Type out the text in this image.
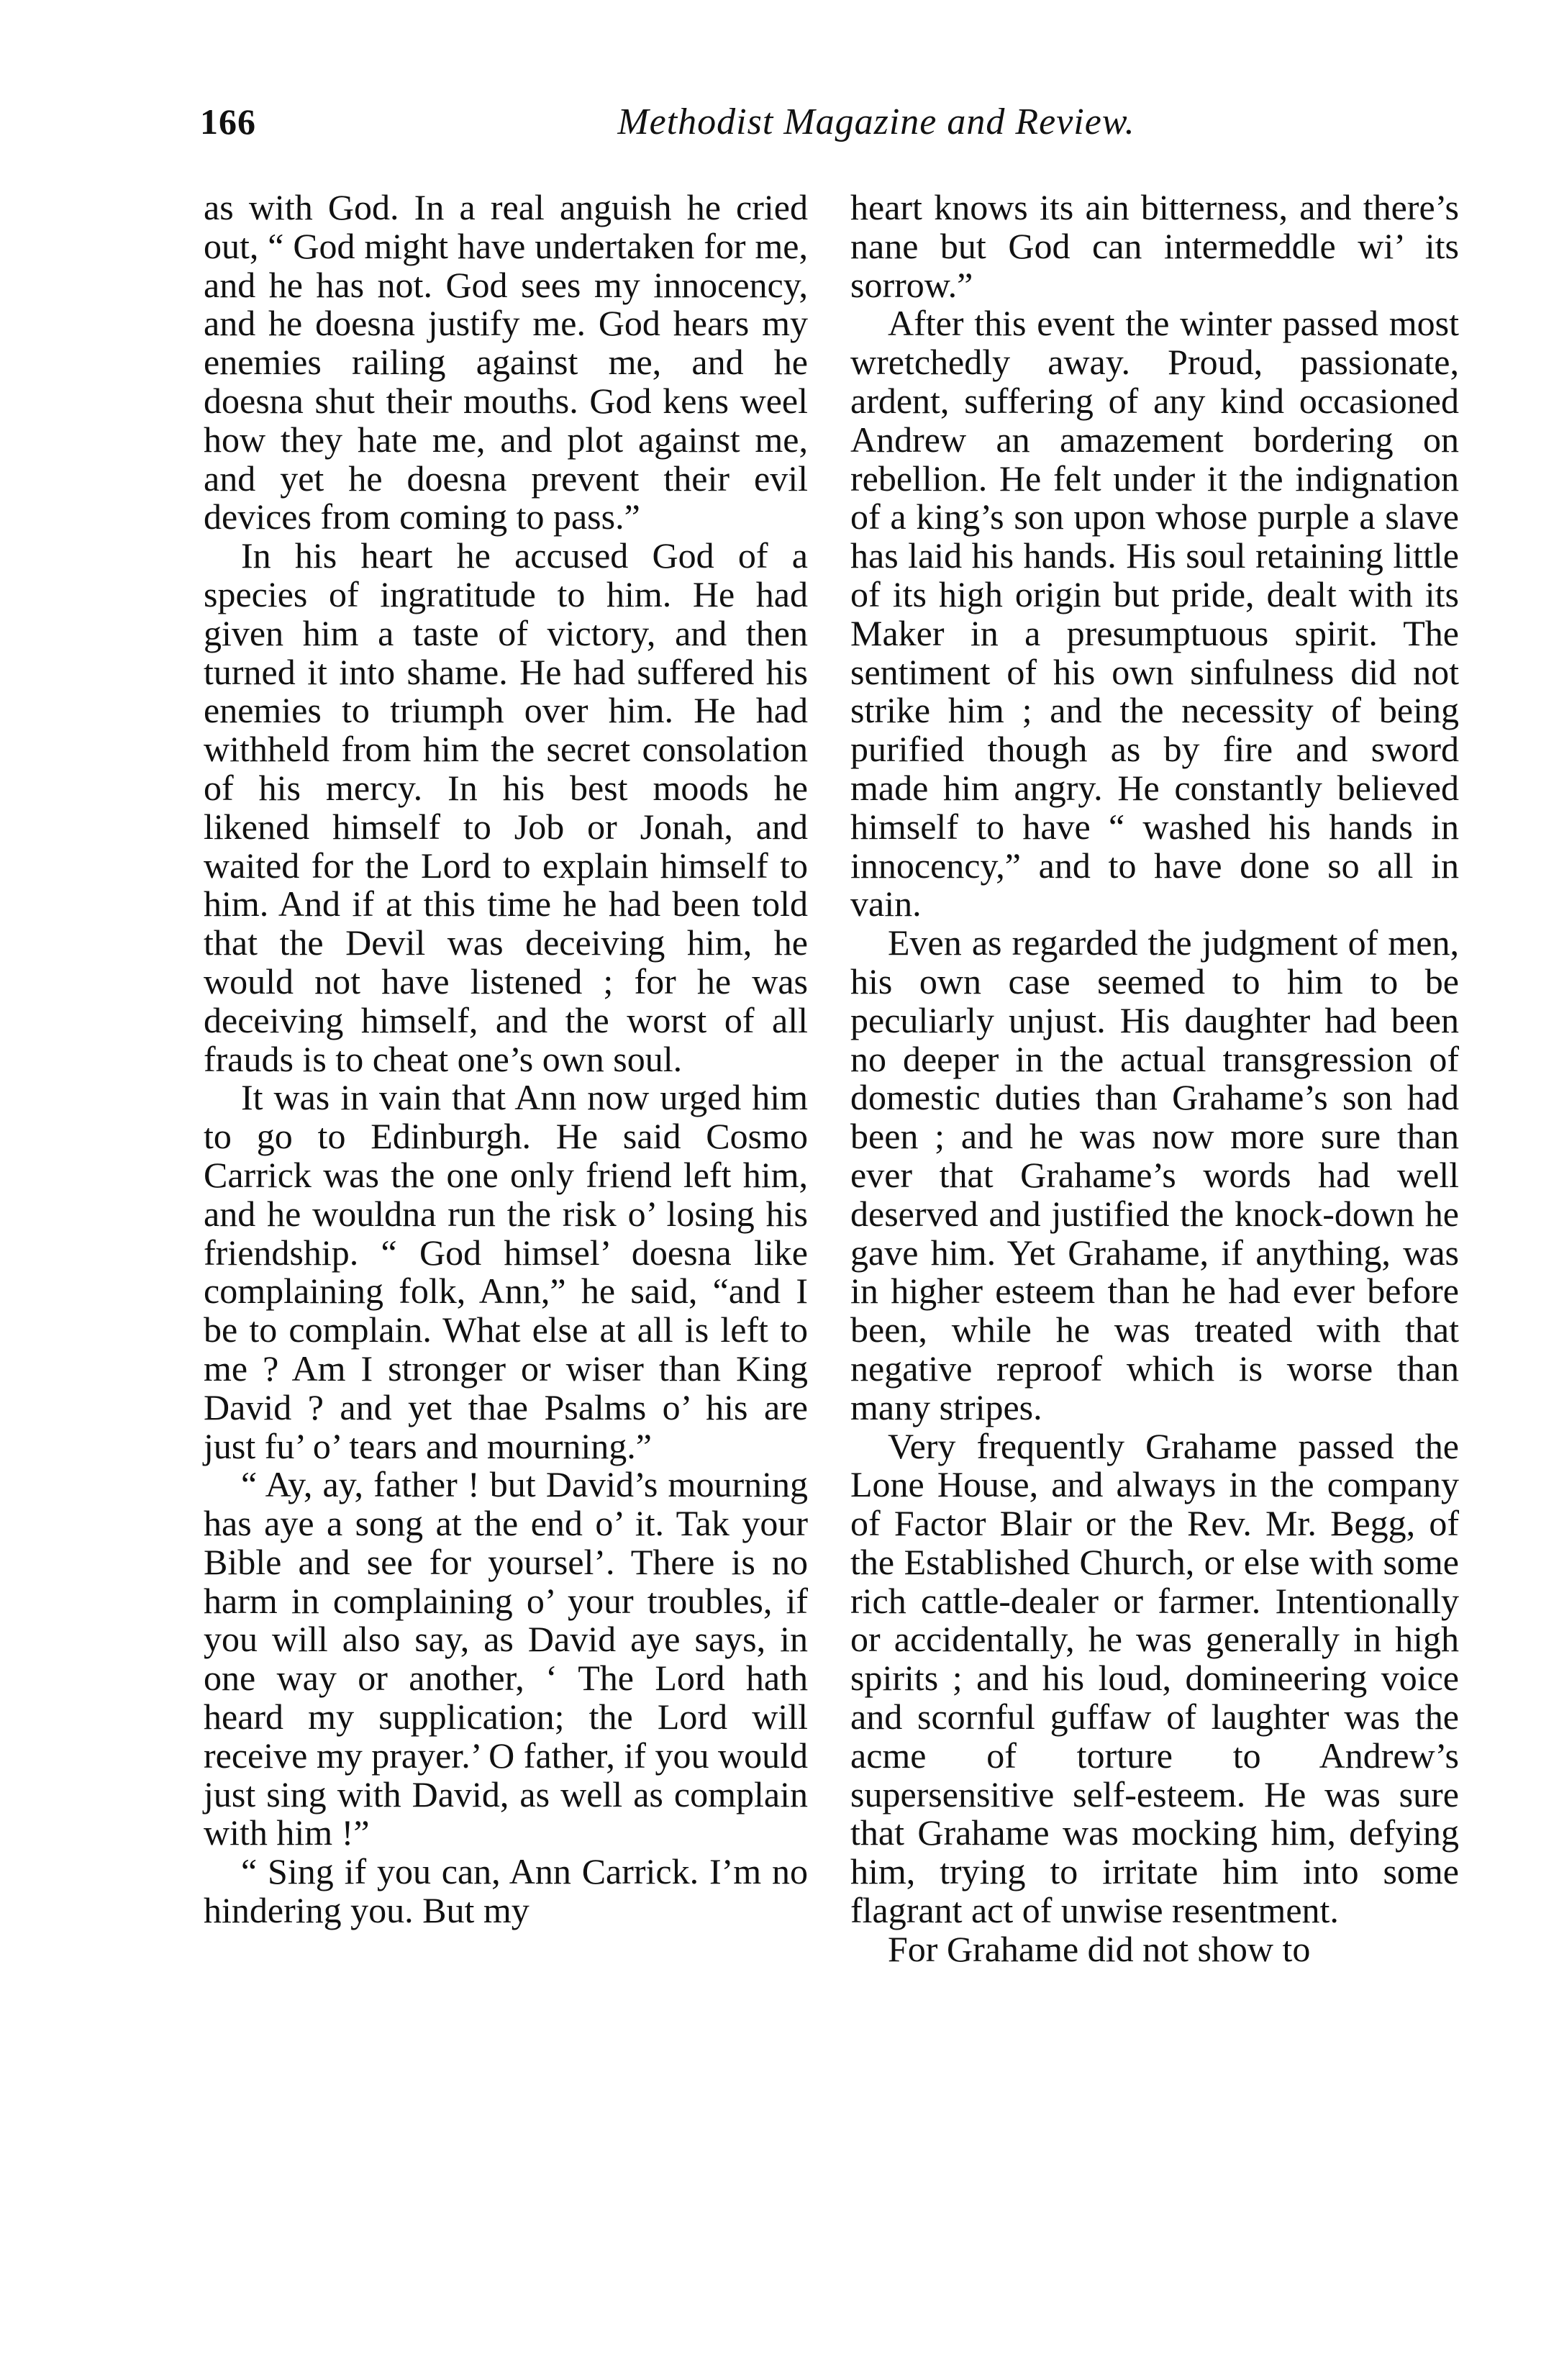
166	Methodist Magazine and Review.

as with God. In a real anguish he cried out, “ God might have undertaken for me, and he has not. God sees my innocency, and he doesna justify me. God hears my enemies railing against me, and he doesna shut their mouths. God kens weel how they hate me, and plot against me, and yet he doesna prevent their evil devices from coming to pass.”

In his heart he accused God of a species of ingratitude to him. He had given him a taste of victory, and then turned it into shame. He had suffered his enemies to triumph over him. He had withheld from him the secret consolation of his mercy. In his best moods he likened himself to Job or Jonah, and waited for the Lord to explain himself to him. And if at this time he had been told that the Devil was deceiving him, he would not have listened ; for he was deceiving himself, and the worst of all frauds is to cheat one’s own soul.

It was in vain that Ann now urged him to go to Edinburgh. He said Cosmo Carrick was the one only friend left him, and he wouldna run the risk o’ losing his friendship. “ God himsel’ doesna like complaining folk, Ann,” he said, “and I be to complain. What else at all is left to me ? Am I stronger or wiser than King David ? and yet thae Psalms o’ his are just fu’ o’ tears and mourning.”

“ Ay, ay, father ! but David’s mourning has aye a song at the end o’ it. Tak your Bible and see for yoursel’. There is no harm in complaining o’ your troubles, if you will also say, as David aye says, in one way or another, ‘ The Lord hath heard my supplication; the Lord will receive my prayer.’ O father, if you would just sing with David, as well as complain with him !”

“ Sing if you can, Ann Carrick. I’m no hindering you. But my

heart knows its ain bitterness, and there’s nane but God can intermeddle wi’ its sorrow.”

After this event the winter passed most wretchedly away. Proud, passionate, ardent, suffering of any kind occasioned Andrew an amazement bordering on rebellion. He felt under it the indignation of a king’s son upon whose purple a slave has laid his hands. His soul retaining little of its high origin but pride, dealt with its Maker in a presumptuous spirit. The sentiment of his own sinfulness did not strike him ; and the necessity of being purified though as by fire and sword made him angry. He constantly believed himself to have “ washed his hands in innocency,” and to have done so all in vain.

Even as regarded the judgment of men, his own case seemed to him to be peculiarly unjust. His daughter had been no deeper in the actual transgression of domestic duties than Grahame’s son had been ; and he was now more sure than ever that Grahame’s words had well deserved and justified the knock-down he gave him. Yet Grahame, if anything, was in higher esteem than he had ever before been, while he was treated with that negative reproof which is worse than many stripes.

Very frequently Grahame passed the Lone House, and always in the company of Factor Blair or the Rev. Mr. Begg, of the Established Church, or else with some rich cattle-dealer or farmer. Intentionally or accidentally, he was generally in high spirits ; and his loud, domineering voice and scornful guffaw of laughter was the acme of torture to Andrew’s supersensitive self-esteem. He was sure that Grahame was mocking him, defying him, trying to irritate him into some flagrant act of unwise resentment.

For Grahame did not show to
